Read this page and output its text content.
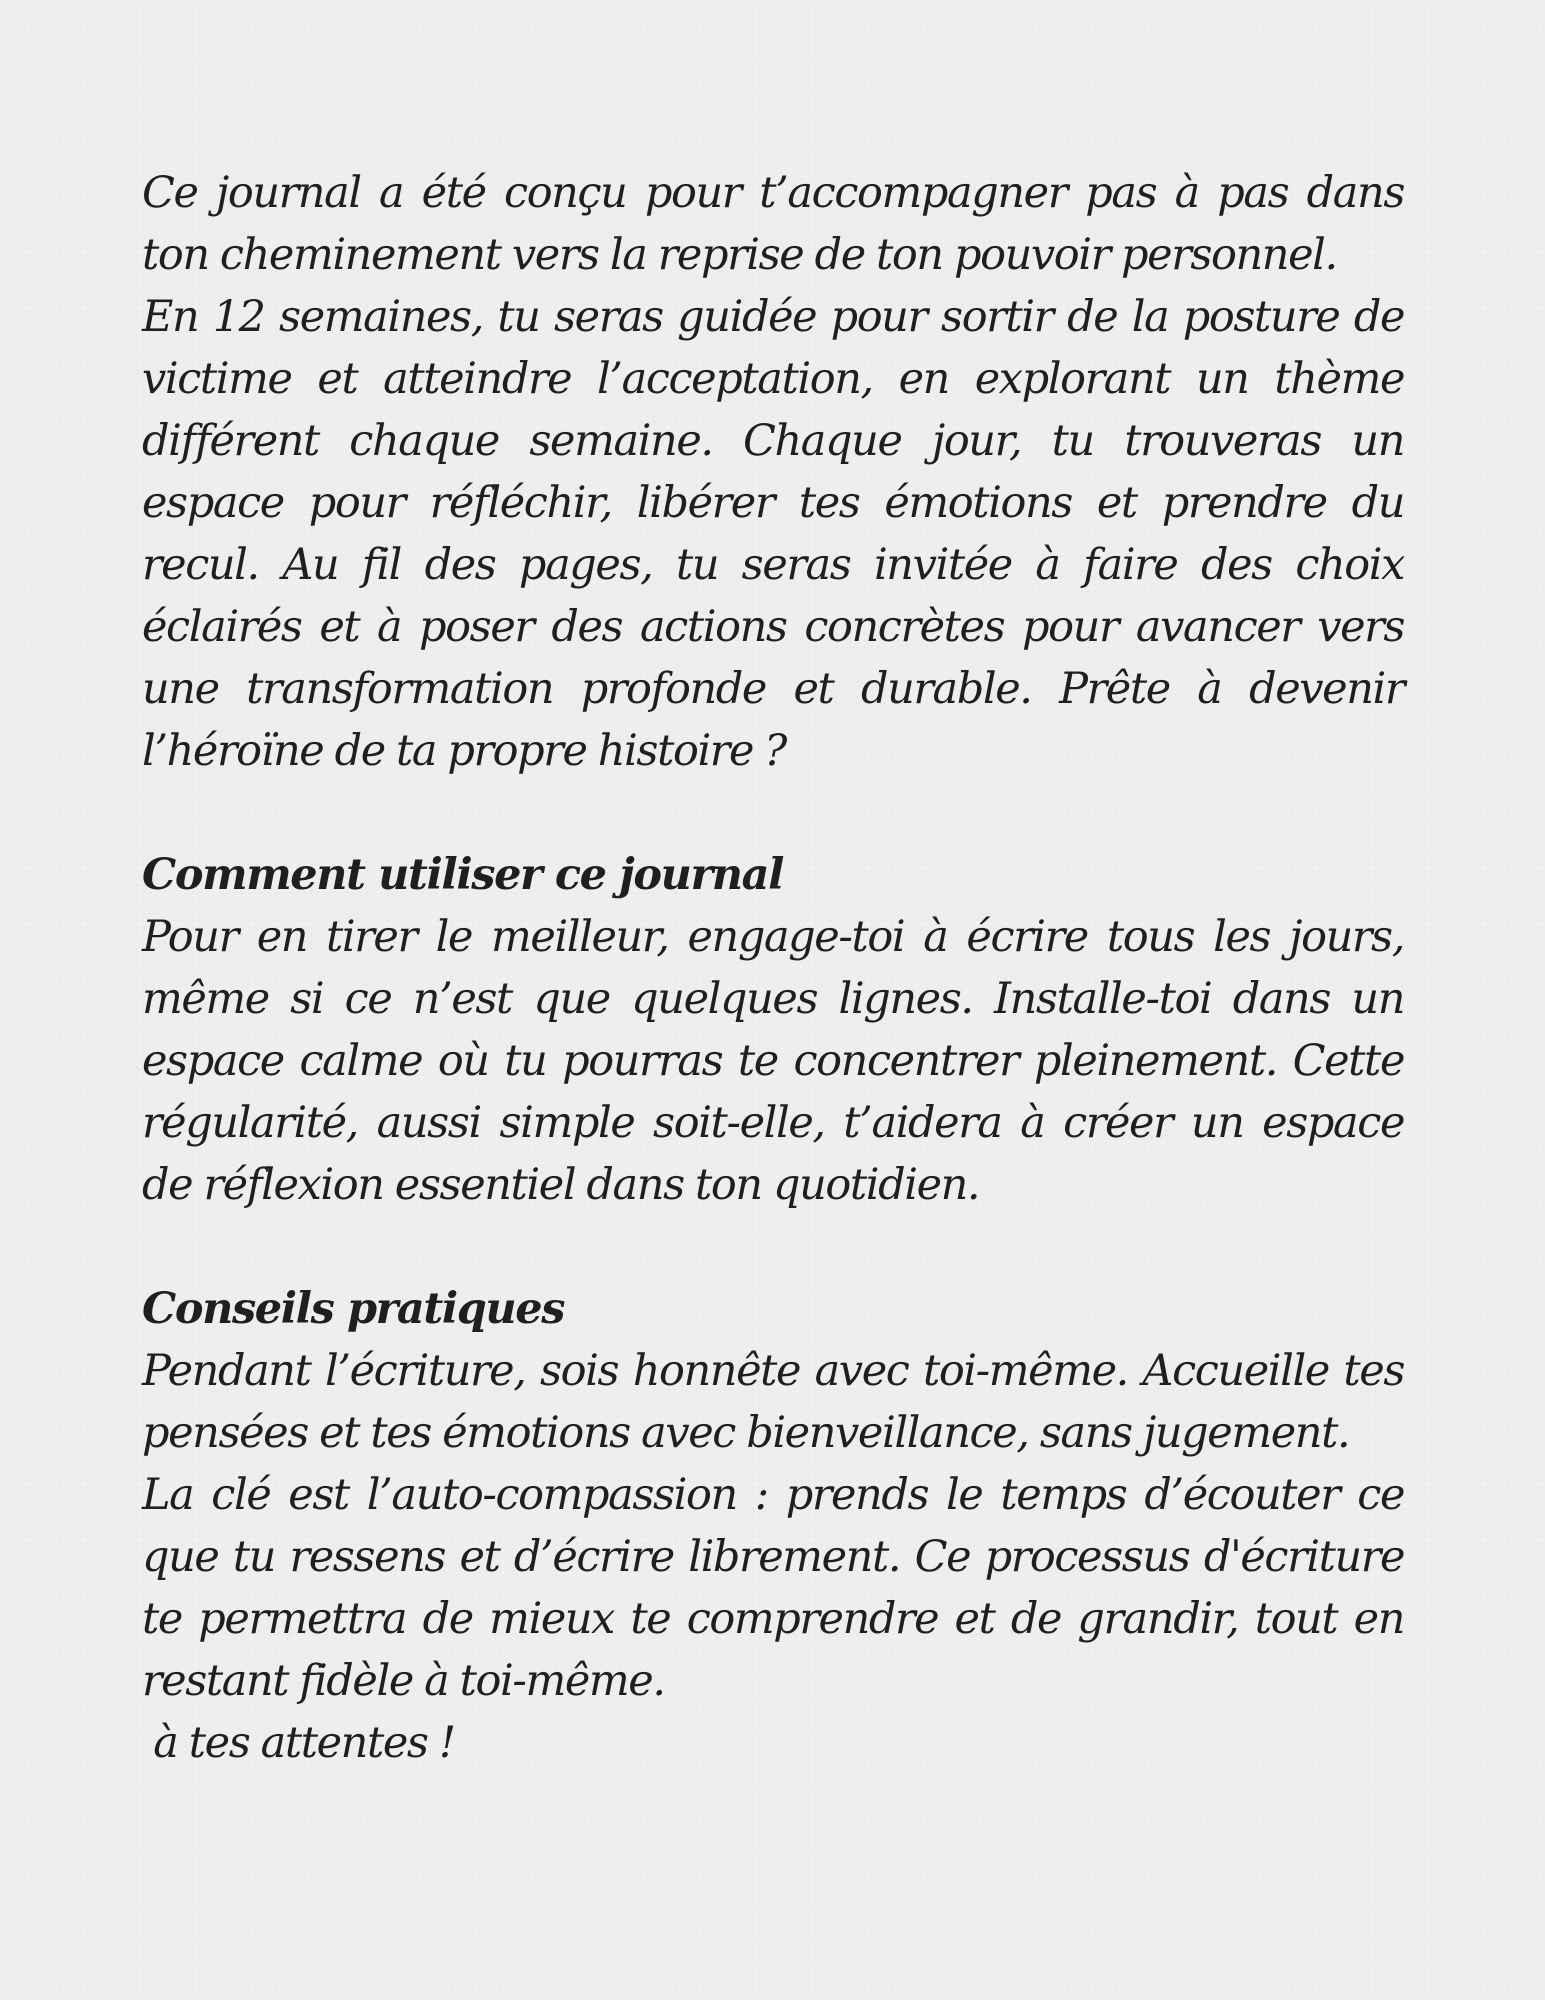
Ce journal a été conçu pour t’accompagner pas à pas dans ton cheminement vers la reprise de ton pouvoir personnel.

En 12 semaines, tu seras guidée pour sortir de la posture de victime et atteindre l’acceptation, en explorant un thème différent chaque semaine. Chaque jour, tu trouveras un espace pour réfléchir, libérer tes émotions et prendre du recul. Au fil des pages, tu seras invitée à faire des choix éclairés et à poser des actions concrètes pour avancer vers une transformation profonde et durable. Prête à devenir l’héroïne de ta propre histoire ?

Comment utiliser ce journal

Pour en tirer le meilleur, engage-toi à écrire tous les jours, même si ce n’est que quelques lignes. Installe-toi dans un espace calme où tu pourras te concentrer pleinement. Cette régularité, aussi simple soit-elle, t’aidera à créer un espace de réflexion essentiel dans ton quotidien.

Conseils pratiques

Pendant l’écriture, sois honnête avec toi-même. Accueille tes pensées et tes émotions avec bienveillance, sans jugement.

La clé est l’auto-compassion : prends le temps d’écouter ce que tu ressens et d’écrire librement. Ce processus d'écriture te permettra de mieux te comprendre et de grandir, tout en restant fidèle à toi-même.

à tes attentes !
